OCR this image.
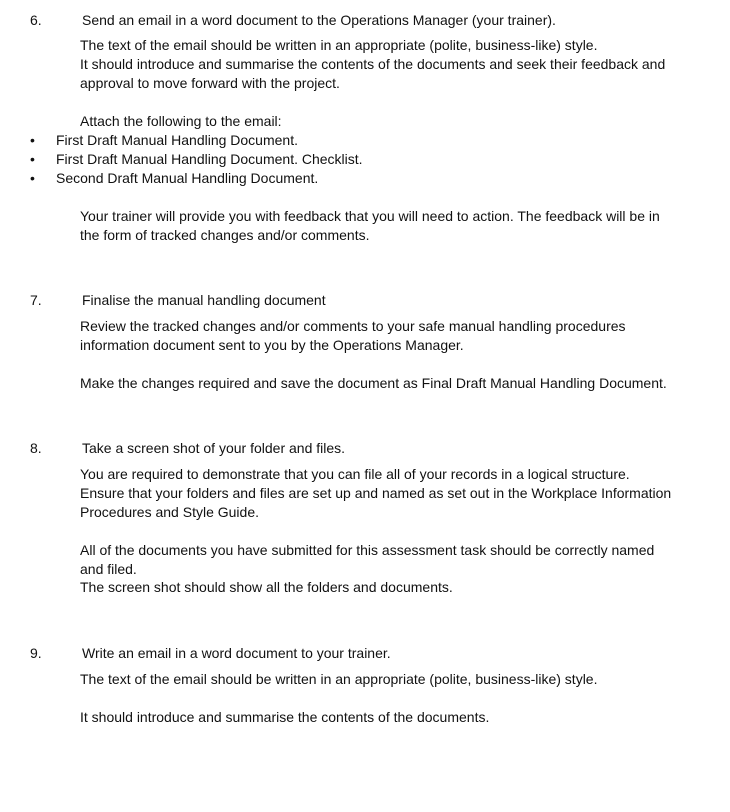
6.	Send an email in a word document to the Operations Manager (your trainer).
The text of the email should be written in an appropriate (polite, business-like) style.
It should introduce and summarise the contents of the documents and seek their feedback and
approval to move forward with the project.
Attach the following to the email:
• First Draft Manual Handling Document.
• First Draft Manual Handling Document. Checklist.
• Second Draft Manual Handling Document.
Your trainer will provide you with feedback that you will need to action. The feedback will be in
the form of tracked changes and/or comments.
7.	Finalise the manual handling document
Review the tracked changes and/or comments to your safe manual handling procedures
information document sent to you by the Operations Manager.
Make the changes required and save the document as Final Draft Manual Handling Document.
8.	Take a screen shot of your folder and files.
You are required to demonstrate that you can file all of your records in a logical structure.
Ensure that your folders and files are set up and named as set out in the Workplace Information
Procedures and Style Guide.
All of the documents you have submitted for this assessment task should be correctly named
and filed.
The screen shot should show all the folders and documents.
9.	Write an email in a word document to your trainer.
The text of the email should be written in an appropriate (polite, business-like) style.
It should introduce and summarise the contents of the documents.
